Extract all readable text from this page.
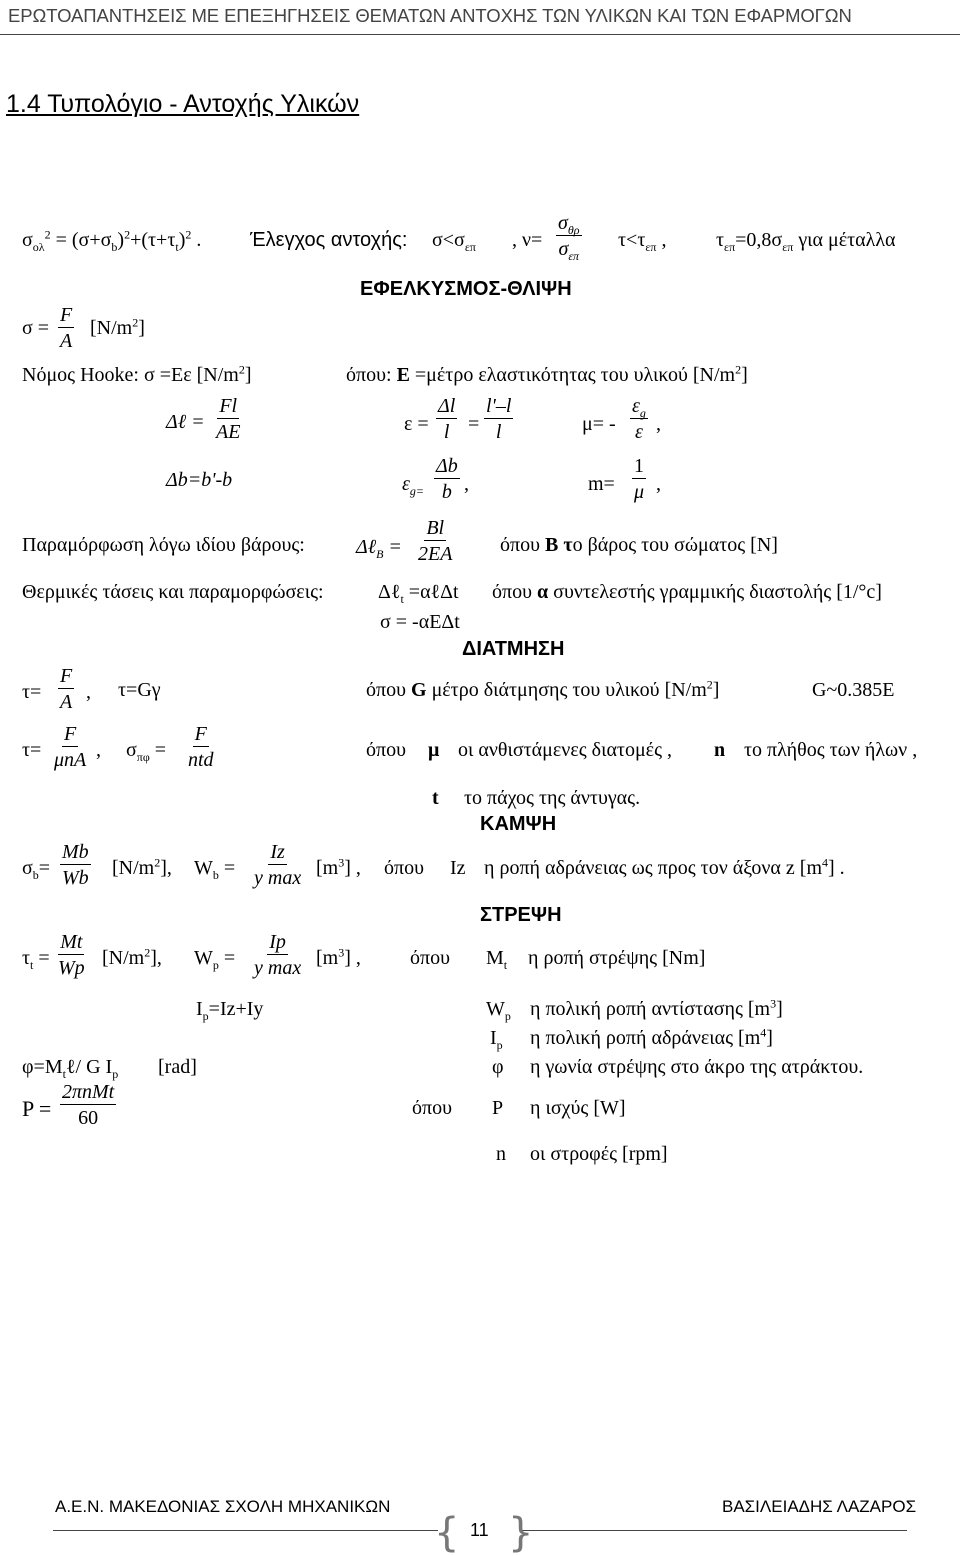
ΕΡΩΤΟΑΠΑΝΤΗΣΕΙΣ ΜΕ ΕΠΕΞΗΓΗΣΕΙΣ ΘΕΜΑΤΩΝ ΑΝΤΟΧΗΣ ΤΩΝ ΥΛΙΚΩΝ ΚΑΙ ΤΩΝ ΕΦΑΡΜΟΓΩΝ
1.4 Τυπολόγιο - Αντοχής Υλικών
$\sigma_{o\lambda}^2 = (\sigma+\sigma_b)^2+(\tau+\tau_t)^2$ . Έλεγχος αντοχής: $\sigma<\sigma_{\varepsilon\pi}$ , ν=
$\sigma_{\theta\rho}$
$\sigma_{\varepsilon\pi}$
$\tau<\tau_{\varepsilon\pi}$ , $\tau_{\varepsilon\pi}=0,8\sigma_{\varepsilon\pi}$ για μέταλλα
ΕΦΕΛΚΥΣΜΟΣ-ΘΛΙΨΗ
$\sigma = \frac{F}{A} [N/m^2]$
Νόμος Hooke: σ =Εε $[N/m^2]$	όπου: E =μέτρο ελαστικότητας του υλικού $[N/m^2]$
Δℓ = $\frac{Fl}{AE}$	$\varepsilon = \frac{\Delta l}{l} = \frac{l'-l}{l}$	$\mu= - \frac{\varepsilon_g}{\varepsilon}$ ,
Δb=b'-b	$\varepsilon_{g=} \frac{\Delta b}{b}$ ,	$m= \frac{1}{\mu}$ ,
Παραμόρφωση λόγω ιδίου βάρους:	Δℓ$_B$ = $\frac{Bl}{2EA}$ όπου B το βάρος του σώματος [N]
Θερμικές τάσεις και παραμορφώσεις:	Δℓ$_t$ =αℓΔt όπου α συντελεστής γραμμικής διαστολής [1/°c]
σ = -αΕΔt
ΔΙΑΤΜΗΣΗ
$\tau= \frac{F}{A}$ , τ=Gγ	όπου G μέτρο διάτμησης του υλικού $[N/m^2]$	G~0.385E
τ=
F
μnA , $\sigma_{\pi\varphi}$ =
F
ntd	όπου μ οι ανθιστάμενες διατομές , n το πλήθος των ήλων ,
t το πάχος της άντυγας.
ΚΑΜΨΗ
$\sigma_b= \frac{Mb}{Wb} [N/m^2]$, $W_b$ =
Iz
y $\max [m^3]$ , όπου Iz η ροπή αδράνειας ως προς τον άξονα z $[m^4]$ .
ΣΤΡΕΨΗ
$\tau_t = \frac{Mt}{Wp} [N/m^2]$, $W_p$ =
Ip
y $\max [m^3]$ , όπου $M_t$ η ροπή στρέψης [Nm]
$I_p=Iz+Iy$	$W_p$ η πολική ροπή αντίστασης $[m^3]$
$I_p$ η πολική ροπή αδράνειας $[m^4]$
$\varphi=M_t\ell/$ G $I_p$ [rad]	φ η γωνία στρέψης στο άκρο της ατράκτου.
P =
2πnMt
60	όπου P η ισχύς [W]
n οι στροφές [rpm]
Α.Ε.Ν. ΜΑΚΕΔΟΝΙΑΣ ΣΧΟΛΗ ΜΗΧΑΝΙΚΩΝ	ΒΑΣΙΛΕΙΑΔΗΣ ΛΑΖΑΡΟΣ
{ }
11
